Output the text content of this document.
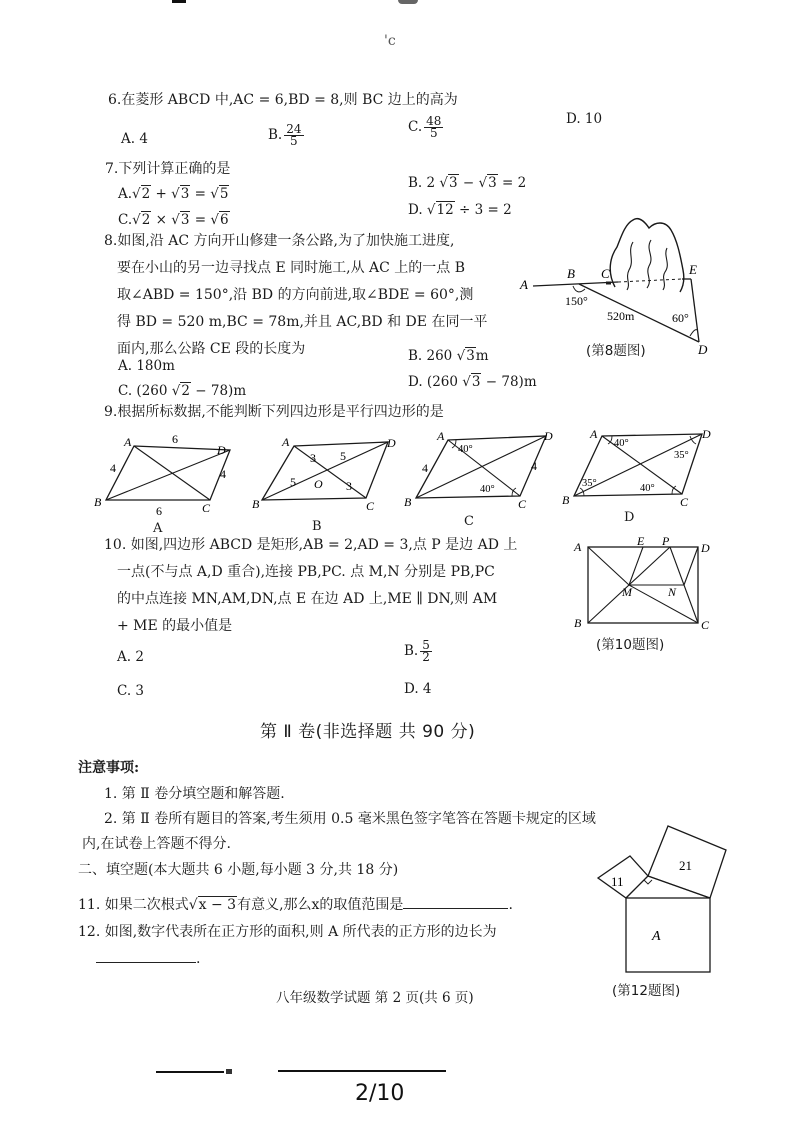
'c
6.在菱形 ABCD 中,AC = 6,BD = 8,则 BC 边上的高为
A. 4	B. $\frac{24}{5}$	C. $\frac{48}{5}$	D. 10
7.下列计算正确的是
A.√2 + √3 = √5
B. 2 √3 − √3 = 2
C.√2 × √3 = √6
D. √12 ÷ 3 = 2
8.如图,沿 AC 方向开山修建一条公路,为了加快施工进度,
要在小山的另一边寻找点 E 同时施工,从 AC 上的一点 B
取∠ABD = 150°,沿 BD 的方向前进,取∠BDE = 60°,测
得 BD = 520 m,BC = 78m,并且 AC,BD 和 DE 在同一平
面内,那么公路 CE 段的长度为
A. 180m
B. 260 √3m
C. (260 √2 − 78)m
D. (260 √3 − 78)m
A
B C	E
D
150°
520m	60°
(第8题图)
9.根据所标数据,不能判断下列四边形是平行四边形的是
A
B	C
D
6
6
4	4
A
A
B	C
D
O
3 5
5	3
B
A
B	C
D
4	4
40°
40°
C
A
B	C
D
40°
35°
35°	40°
D
10. 如图,四边形 ABCD 是矩形,AB = 2,AD = 3,点 P 是边 AD 上
一点(不与点 A,D 重合),连接 PB,PC. 点 M,N 分别是 PB,PC
的中点连接 MN,AM,DN,点 E 在边 AD 上,ME ∥ DN,则 AM
+ ME 的最小值是
A. 2	B. $\frac{5}{2}$
C. 3	D. 4
A	E P	D
M	N
B	C
(第10题图)
第 Ⅱ 卷(非选择题 共 90 分)
注意事项:
1. 第 Ⅱ 卷分填空题和解答题.
2. 第 Ⅱ 卷所有题目的答案,考生须用 0.5 毫米黑色签字笔答在答题卡规定的区域
内,在试卷上答题不得分.
二、填空题(本大题共 6 小题,每小题 3 分,共 18 分)
11. 如果二次根式√x − 3有意义,那么x的取值范围是	.
12. 如图,数字代表所在正方形的面积,则 A 所代表的正方形的边长为
.
11
21
A
(第12题图)
八年级数学试题 第 2 页(共 6 页)
2/10
